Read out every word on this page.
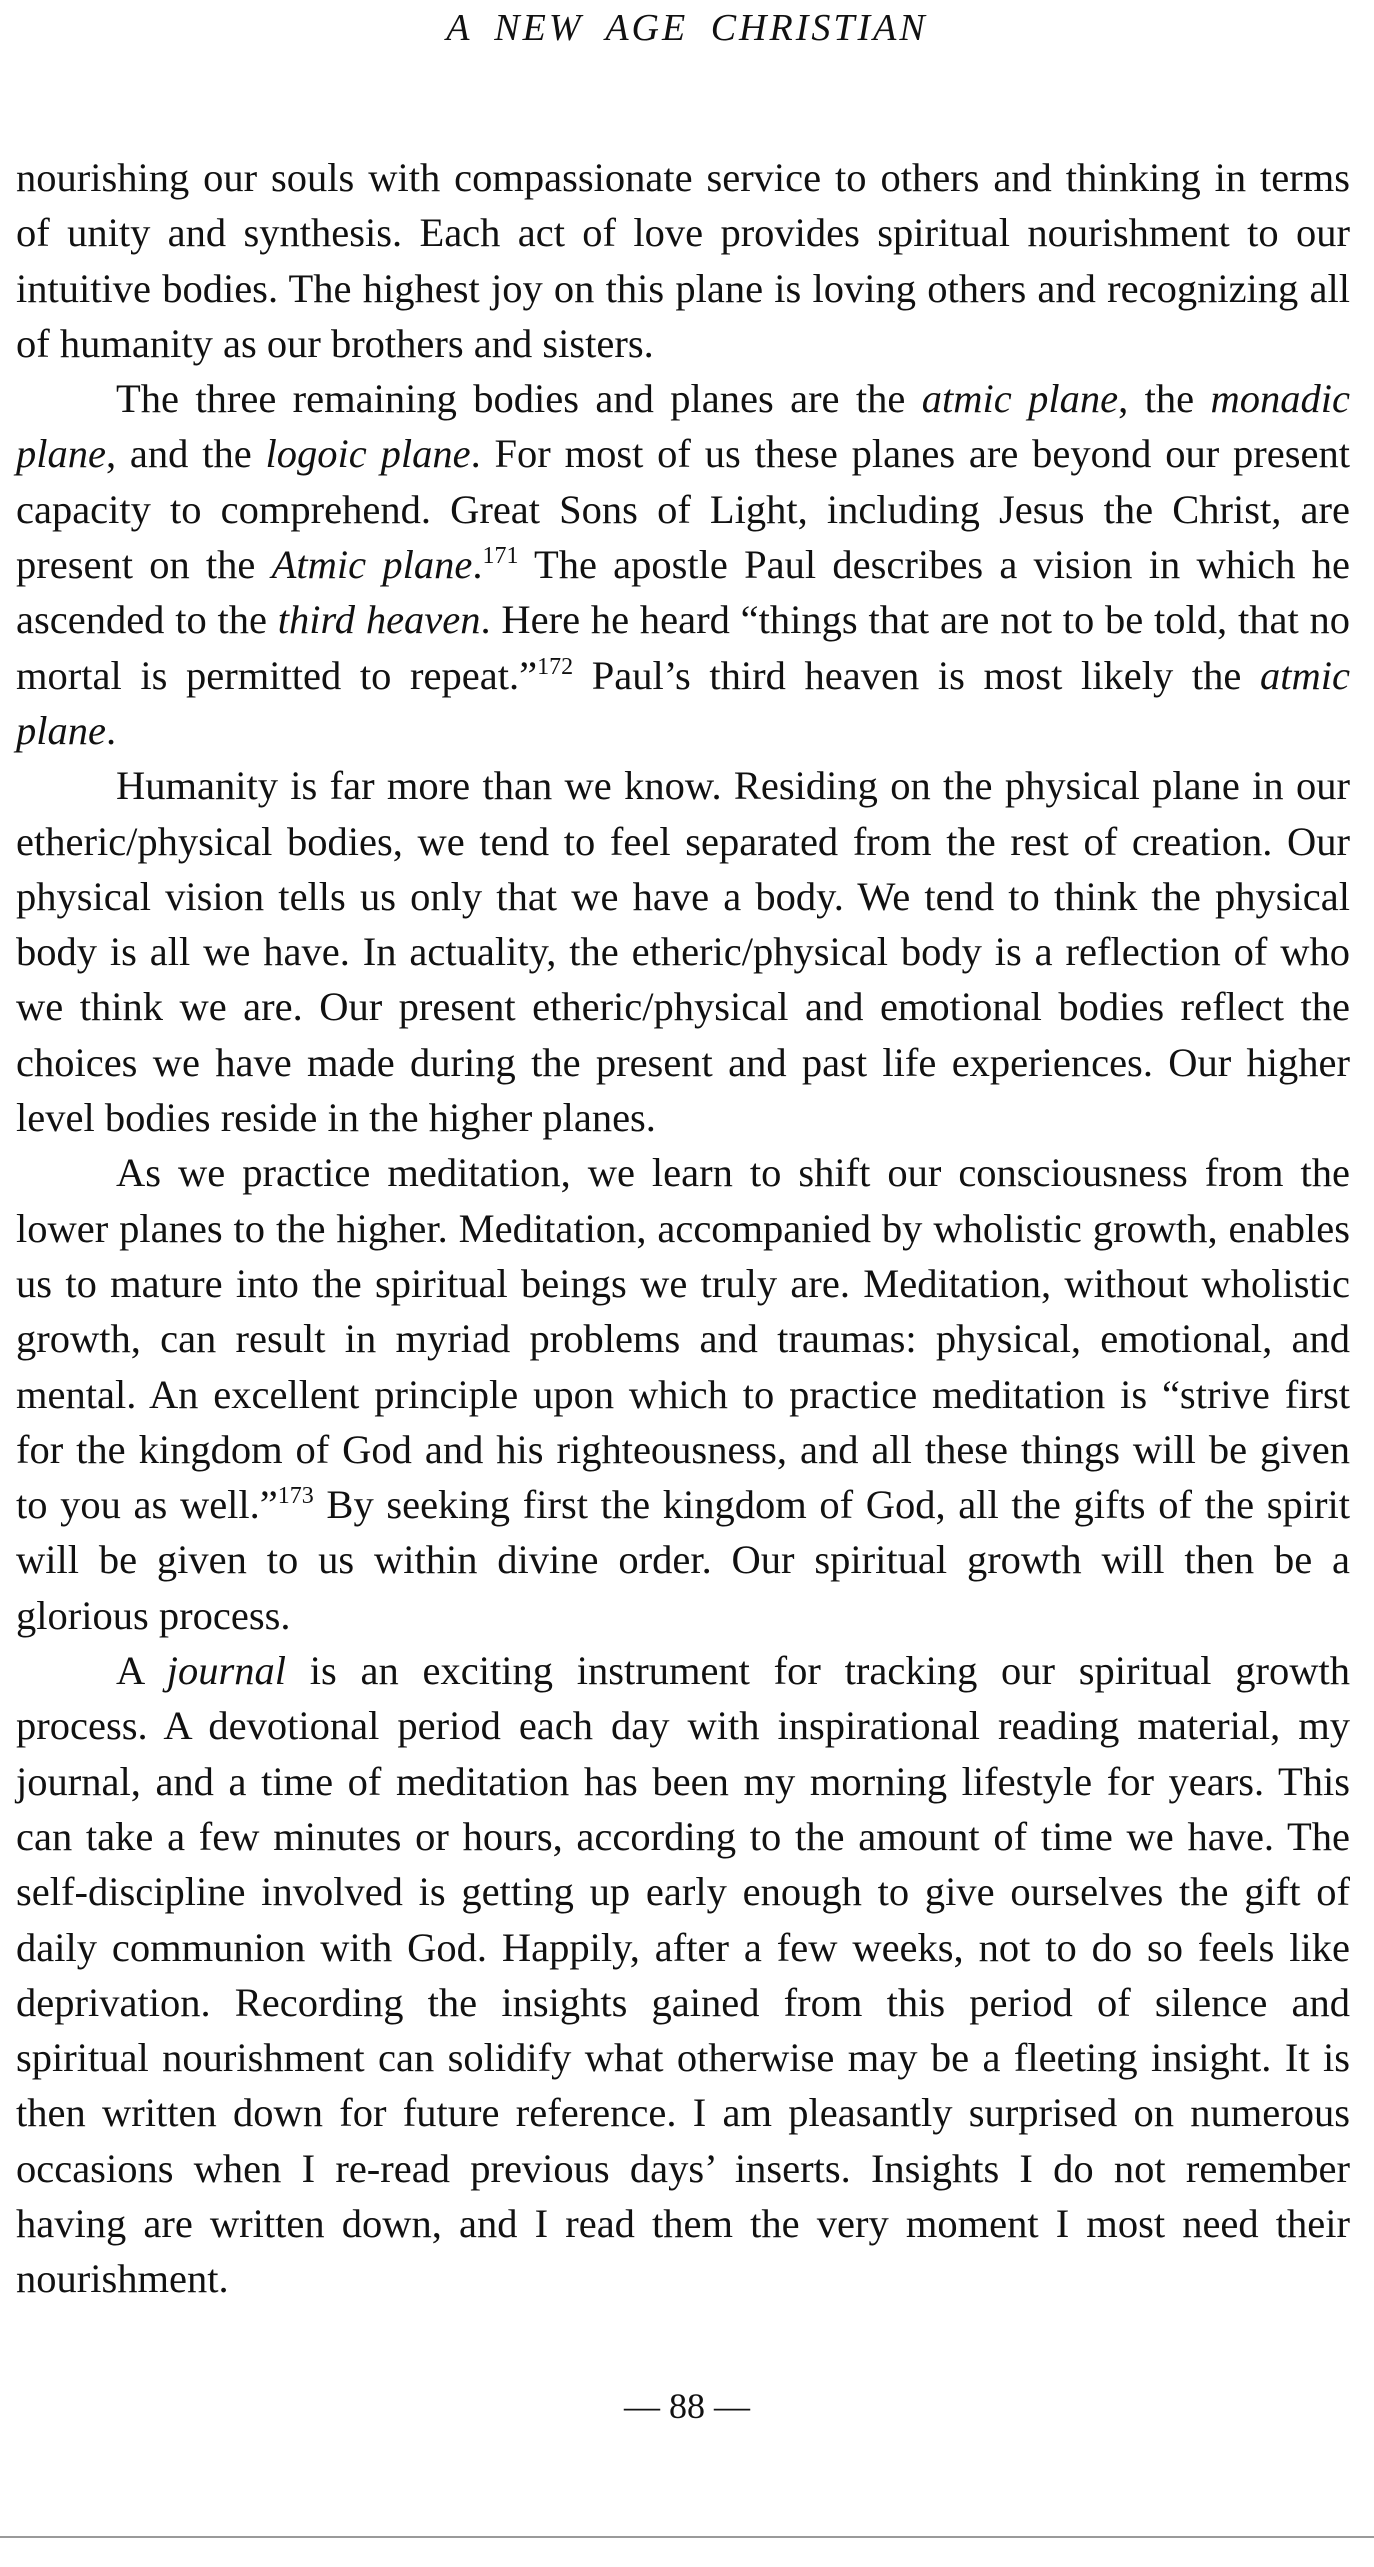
A NEW AGE CHRISTIAN

nourishing our souls with compassionate service to others and thinking in terms of unity and synthesis. Each act of love provides spiritual nourishment to our intuitive bodies. The highest joy on this plane is loving others and recognizing all of humanity as our brothers and sisters.

The three remaining bodies and planes are the atmic plane, the monadic plane, and the logoic plane. For most of us these planes are beyond our present capacity to comprehend. Great Sons of Light, including Jesus the Christ, are present on the Atmic plane.$^{171}$ The apostle Paul describes a vision in which he ascended to the third heaven. Here he heard “things that are not to be told, that no mortal is permitted to repeat.”$^{172}$ Paul’s third heaven is most likely the atmic plane.

Humanity is far more than we know. Residing on the physical plane in our etheric/physical bodies, we tend to feel separated from the rest of creation. Our physical vision tells us only that we have a body. We tend to think the physical body is all we have. In actuality, the etheric/physical body is a reflection of who we think we are. Our present etheric/physical and emotional bodies reflect the choices we have made during the present and past life experiences. Our higher level bodies reside in the higher planes.

As we practice meditation, we learn to shift our consciousness from the lower planes to the higher. Meditation, accompanied by wholistic growth, enables us to mature into the spiritual beings we truly are. Meditation, without wholistic growth, can result in myriad problems and traumas: physical, emotional, and mental. An excellent principle upon which to practice meditation is “strive first for the kingdom of God and his righteousness, and all these things will be given to you as well.”$^{173}$ By seeking first the kingdom of God, all the gifts of the spirit will be given to us within divine order. Our spiritual growth will then be a glorious process.

A journal is an exciting instrument for tracking our spiritual growth process. A devotional period each day with inspirational reading material, my journal, and a time of meditation has been my morning lifestyle for years. This can take a few minutes or hours, according to the amount of time we have. The self-discipline involved is getting up early enough to give ourselves the gift of daily communion with God. Happily, after a few weeks, not to do so feels like deprivation. Recording the insights gained from this period of silence and spiritual nourishment can solidify what otherwise may be a fleeting insight. It is then written down for future reference. I am pleasantly surprised on numerous occasions when I re-read previous days’ inserts. Insights I do not remember having are written down, and I read them the very moment I most need their nourishment.

— 88 —
